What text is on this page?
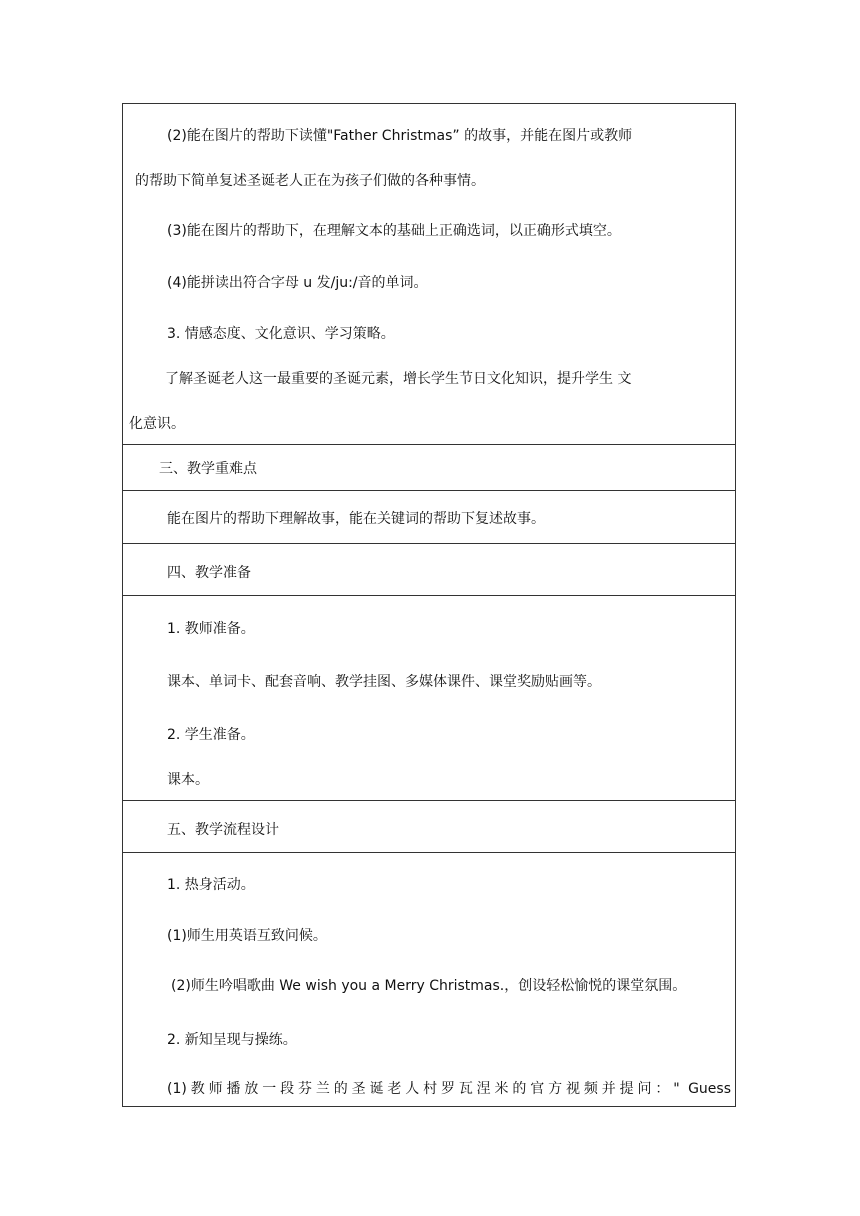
(2)能在图片的帮助下读懂"Father Christmas” 的故事，并能在图片或教师
的帮助下简单复述圣诞老人正在为孩子们做的各种事情。
(3)能在图片的帮助下，在理解文本的基础上正确选词，以正确形式填空。
(4)能拼读出符合字母 u 发/ju:/音的单词。
3. 情感态度、文化意识、学习策略。
了解圣诞老人这一最重要的圣诞元素，增长学生节日文化知识，提升学生 文
化意识。
三、教学重难点
能在图片的帮助下理解故事，能在关键词的帮助下复述故事。
四、教学准备
1. 教师准备。
课本、单词卡、配套音响、教学挂图、多媒体课件、课堂奖励贴画等。
2. 学生准备。
课本。
五、教学流程设计
1. 热身活动。
(1)师生用英语互致问候。
(2)师生吟唱歌曲 We wish you a Merry Christmas.，创设轻松愉悦的课堂氛围。
2. 新知呈现与操练。
(1)教师播放一段芬兰的圣诞老人村罗瓦涅米的官方视频并提问：" Guess
